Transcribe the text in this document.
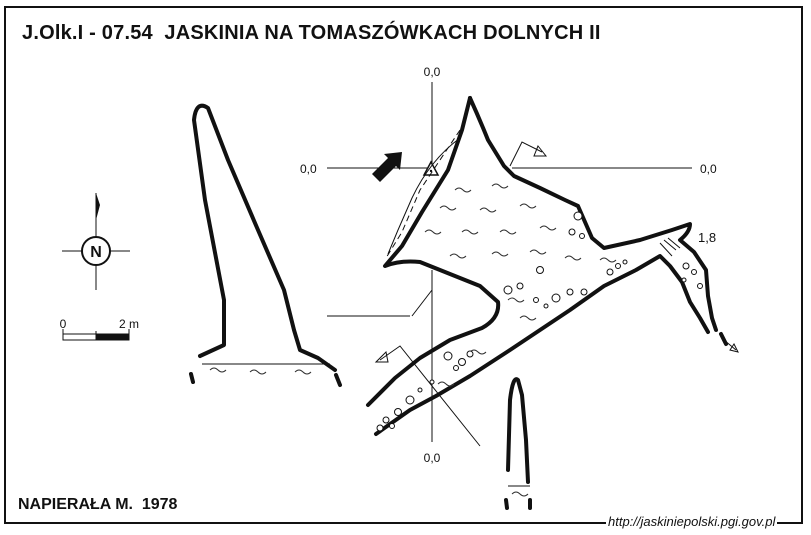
J.Olk.I - 07.54  JASKINIA NA TOMASZÓWKACH DOLNYCH II
N
0	2 m
0,0
0,0	0,0
0,0
1,8
NAPIERAŁA M.  1978
http://jaskiniepolski.pgi.gov.pl
